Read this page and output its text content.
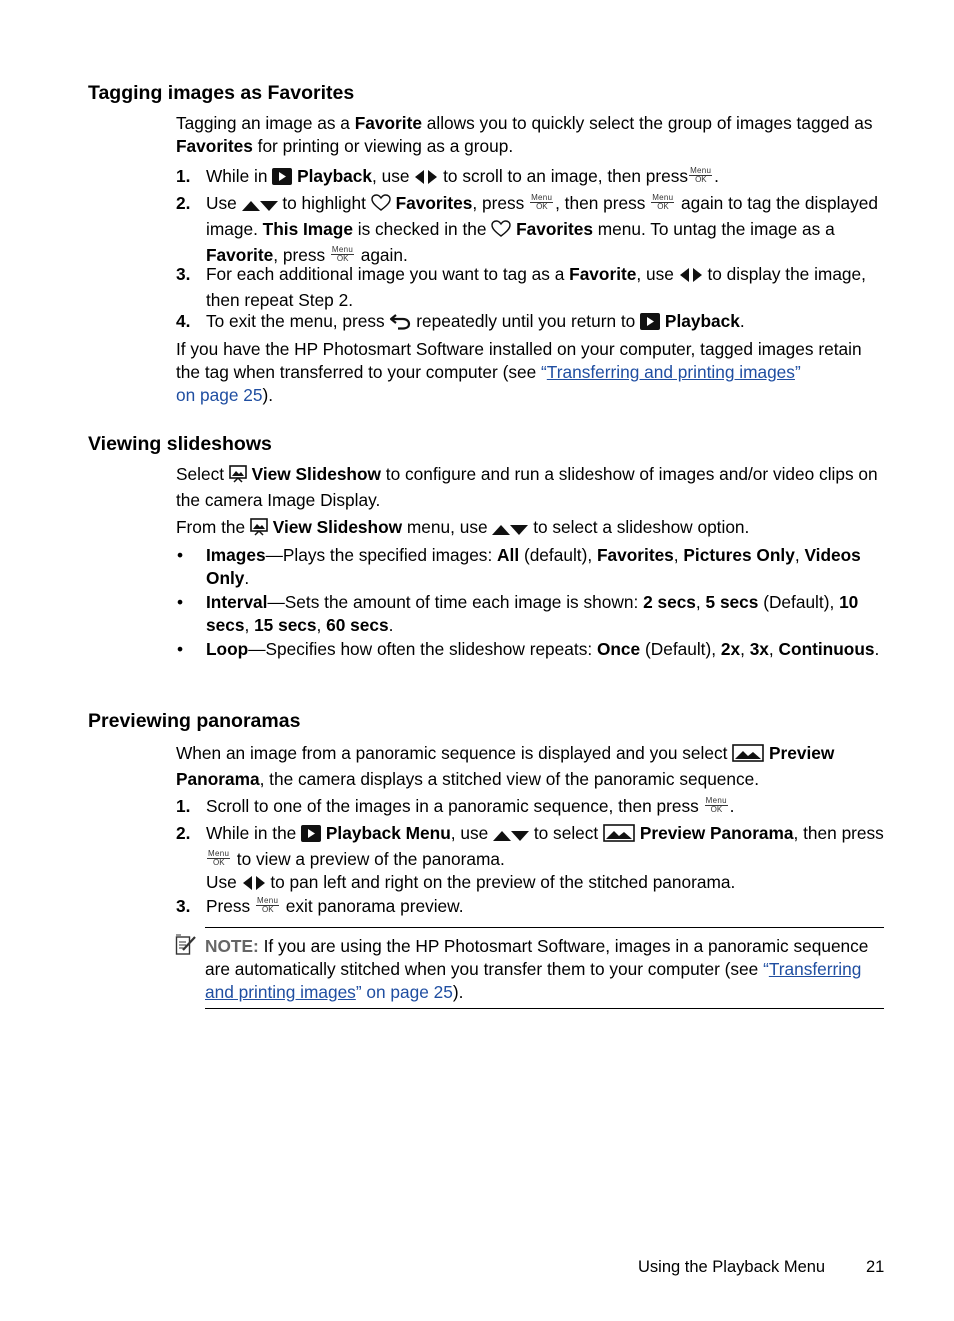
Tagging images as Favorites

Tagging an image as a Favorite allows you to quickly select the group of images tagged as Favorites for printing or viewing as a group.

1. While in  Playback, use  to scroll to an image, then press Menu
OK .
2. Use  to highlight  Favorites, press Menu
OK , then press Menu
OK again to tag the displayed image. This Image is checked in the  Favorites menu. To untag the image as a Favorite, press Menu
OK again.
3. For each additional image you want to tag as a Favorite, use  to display the image, then repeat Step 2.
4. To exit the menu, press  repeatedly until you return to  Playback.

If you have the HP Photosmart Software installed on your computer, tagged images retain the tag when transferred to your computer (see “Transferring and printing images”
on page 25).

Viewing slideshows

Select  View Slideshow to configure and run a slideshow of images and/or video clips on the camera Image Display.

From the  View Slideshow menu, use  to select a slideshow option.

• Images—Plays the specified images: All (default), Favorites, Pictures Only, Videos Only.
• Interval—Sets the amount of time each image is shown: 2 secs, 5 secs (Default), 10 secs, 15 secs, 60 secs.
• Loop—Specifies how often the slideshow repeats: Once (Default), 2x, 3x, Continuous.
Previewing panoramas

When an image from a panoramic sequence is displayed and you select  Preview Panorama, the camera displays a stitched view of the panoramic sequence.

1. Scroll to one of the images in a panoramic sequence, then press Menu
OK .
2. While in the  Playback Menu, use  to select  Preview Panorama, then press
Menu
OK to view a preview of the panorama.
Use  to pan left and right on the preview of the stitched panorama.
3. Press Menu
OK exit panorama preview.

NOTE: If you are using the HP Photosmart Software, images in a panoramic sequence are automatically stitched when you transfer them to your computer (see “Transferring and printing images” on page 25).

Using the Playback Menu 21
